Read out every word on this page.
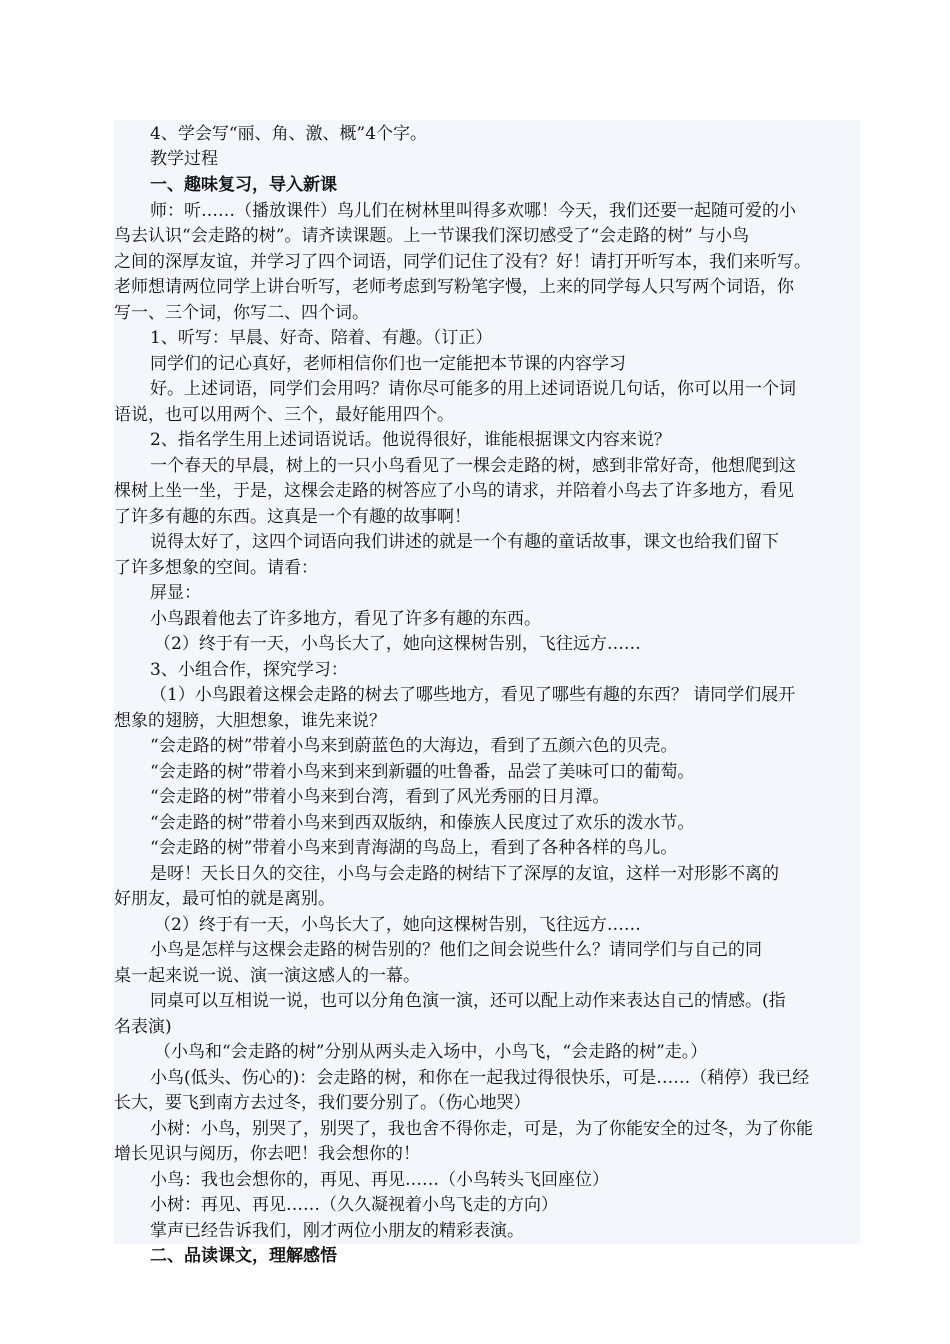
4、学会写“丽、角、激、概”4个字。
教学过程
一、趣味复习，导入新课
师：听……（播放课件）鸟儿们在树林里叫得多欢哪！今天，我们还要一起随可爱的小
鸟去认识“会走路的树”。请齐读课题。上一节课我们深切感受了“会走路的树” 与小鸟
之间的深厚友谊，并学习了四个词语，同学们记住了没有？好！请打开听写本，我们来听写。
老师想请两位同学上讲台听写，老师考虑到写粉笔字慢，上来的同学每人只写两个词语，你
写一、三个词，你写二、四个词。
1、听写：早晨、好奇、陪着、有趣。（订正）
同学们的记心真好，老师相信你们也一定能把本节课的内容学习
好。上述词语，同学们会用吗？请你尽可能多的用上述词语说几句话，你可以用一个词
语说，也可以用两个、三个，最好能用四个。
2、指名学生用上述词语说话。他说得很好，谁能根据课文内容来说？
一个春天的早晨，树上的一只小鸟看见了一棵会走路的树，感到非常好奇，他想爬到这
棵树上坐一坐，于是，这棵会走路的树答应了小鸟的请求，并陪着小鸟去了许多地方，看见
了许多有趣的东西。这真是一个有趣的故事啊！
说得太好了，这四个词语向我们讲述的就是一个有趣的童话故事，课文也给我们留下
了许多想象的空间。请看：
屏显：
小鸟跟着他去了许多地方，看见了许多有趣的东西。
（2）终于有一天，小鸟长大了，她向这棵树告别，飞往远方……
3、小组合作，探究学习：
（1）小鸟跟着这棵会走路的树去了哪些地方，看见了哪些有趣的东西？ 请同学们展开
想象的翅膀，大胆想象，谁先来说？
“会走路的树”带着小鸟来到蔚蓝色的大海边，看到了五颜六色的贝壳。
“会走路的树”带着小鸟来到来到新疆的吐鲁番，品尝了美味可口的葡萄。
“会走路的树”带着小鸟来到台湾，看到了风光秀丽的日月潭。
“会走路的树”带着小鸟来到西双版纳，和傣族人民度过了欢乐的泼水节。
“会走路的树”带着小鸟来到青海湖的鸟岛上，看到了各种各样的鸟儿。
是呀！天长日久的交往，小鸟与会走路的树结下了深厚的友谊，这样一对形影不离的
好朋友，最可怕的就是离别。
（2）终于有一天，小鸟长大了，她向这棵树告别，飞往远方……
小鸟是怎样与这棵会走路的树告别的？他们之间会说些什么？请同学们与自己的同
桌一起来说一说、演一演这感人的一幕。
同桌可以互相说一说，也可以分角色演一演，还可以配上动作来表达自己的情感。(指
名表演)
（小鸟和“会走路的树”分别从两头走入场中，小鸟飞，“会走路的树”走。）
小鸟(低头、伤心的)：会走路的树，和你在一起我过得很快乐，可是……（稍停）我已经
长大，要飞到南方去过冬，我们要分别了。（伤心地哭）
小树：小鸟，别哭了，别哭了，我也舍不得你走，可是，为了你能安全的过冬，为了你能
增长见识与阅历，你去吧！我会想你的！
小鸟：我也会想你的，再见、再见……（小鸟转头飞回座位）
小树：再见、再见……（久久凝视着小鸟飞走的方向）
掌声已经告诉我们，刚才两位小朋友的精彩表演。
二、品读课文，理解感悟
